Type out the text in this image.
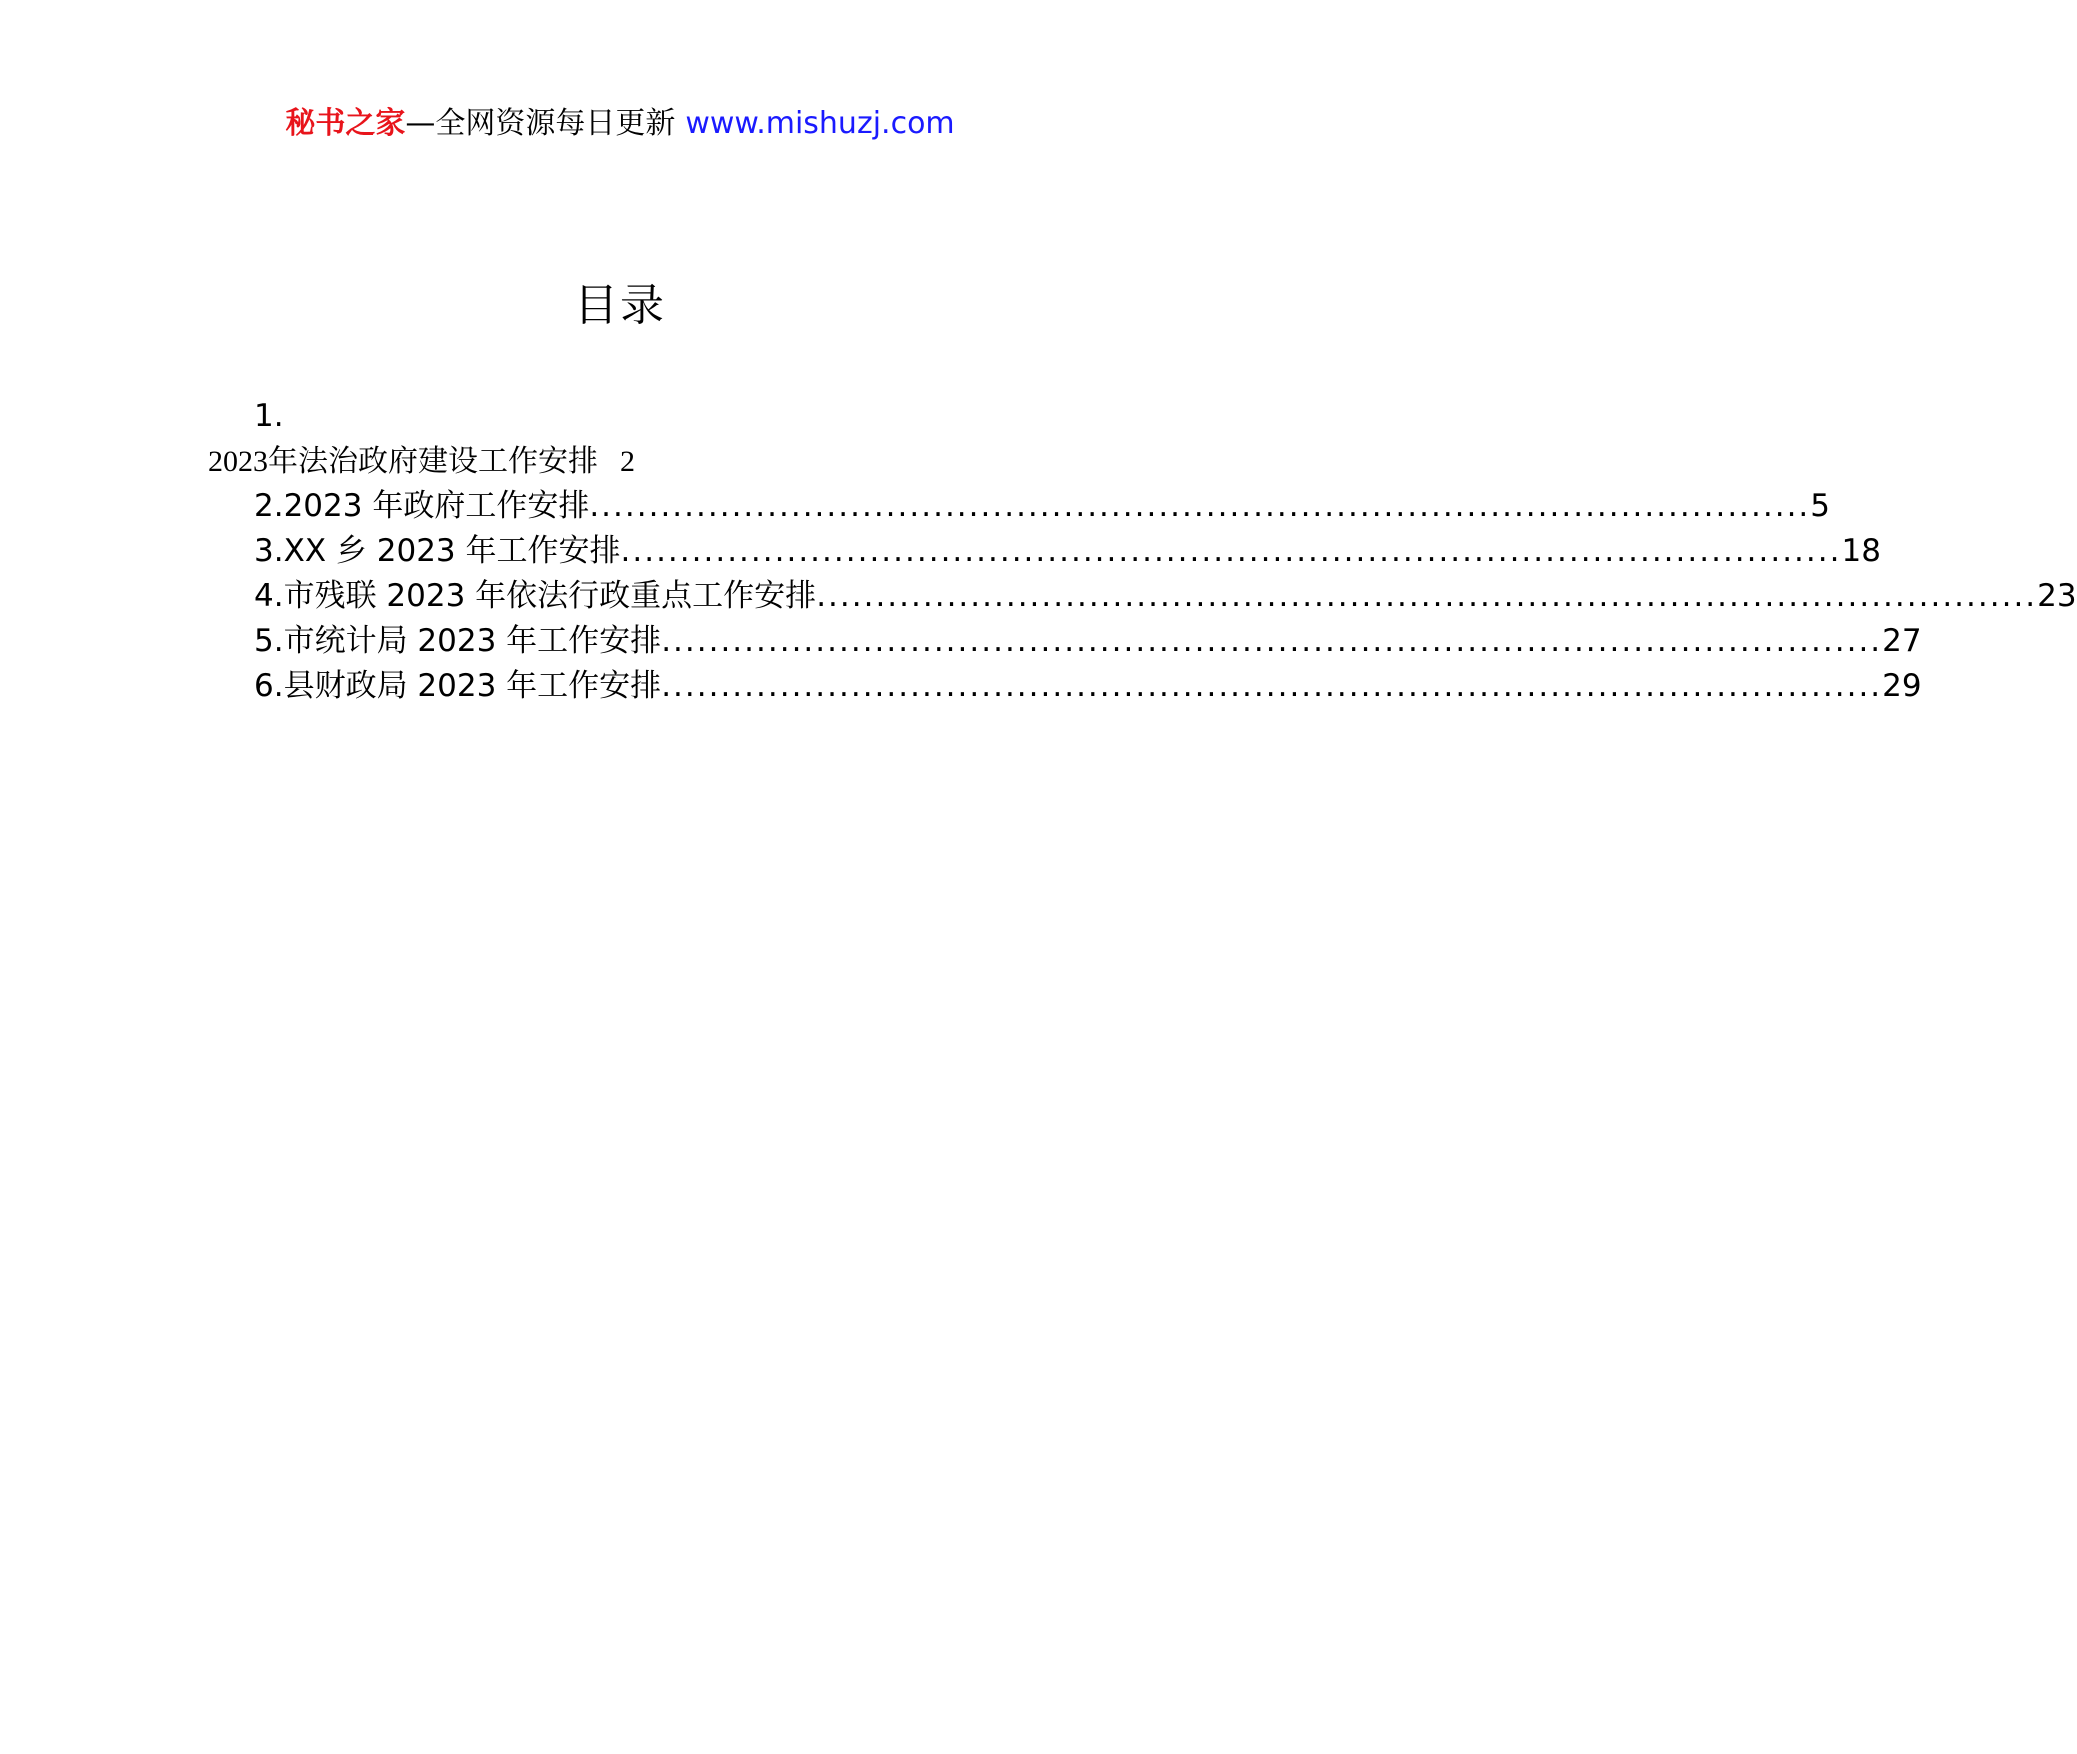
秘书之家—全网资源每日更新 www.mishuzj.com
目录
1.
2023年法治政府建设工作安排 2
2.2023 年政府工作安排 ....................................................................................................... 5
3.XX 乡 2023 年工作安排 ....................................................................................................... 18
4.市残联 2023 年依法行政重点工作安排 ....................................................................................................... 23
5.市统计局 2023 年工作安排 ....................................................................................................... 27
6.县财政局 2023 年工作安排 ....................................................................................................... 29
